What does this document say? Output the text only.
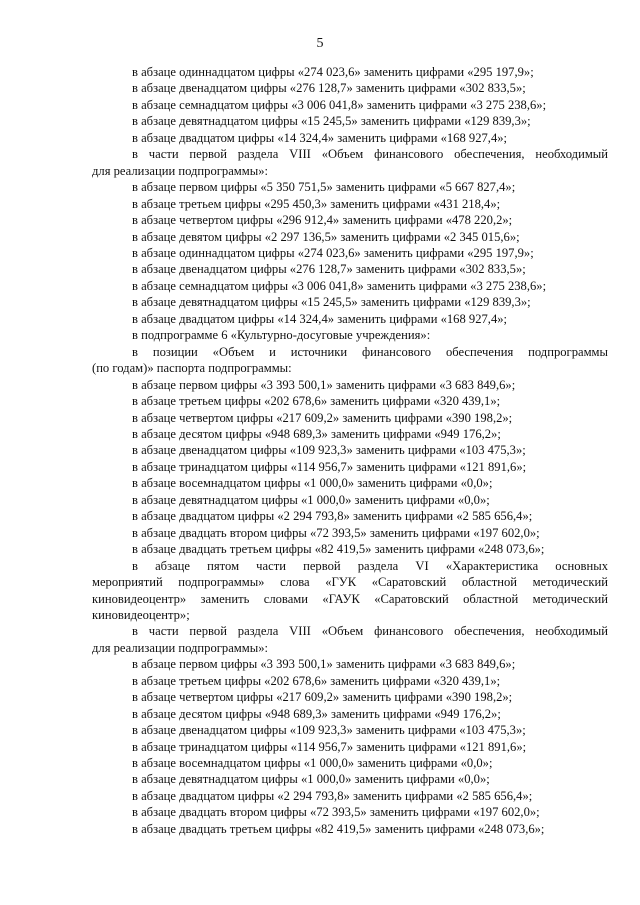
5
в абзаце одиннадцатом цифры «274 023,6» заменить цифрами «295 197,9»;
в абзаце двенадцатом цифры «276 128,7» заменить цифрами «302 833,5»;
в абзаце семнадцатом цифры «3 006 041,8» заменить цифрами «3 275 238,6»;
в абзаце девятнадцатом цифры «15 245,5» заменить цифрами «129 839,3»;
в абзаце двадцатом цифры «14 324,4» заменить цифрами «168 927,4»;
в части первой раздела VIII «Объем финансового обеспечения, необходимый
для реализации подпрограммы»:
в абзаце первом цифры «5 350 751,5» заменить цифрами «5 667 827,4»;
в абзаце третьем цифры «295 450,3» заменить цифрами «431 218,4»;
в абзаце четвертом цифры «296 912,4» заменить цифрами «478 220,2»;
в абзаце девятом цифры «2 297 136,5» заменить цифрами «2 345 015,6»;
в абзаце одиннадцатом цифры «274 023,6» заменить цифрами «295 197,9»;
в абзаце двенадцатом цифры «276 128,7» заменить цифрами «302 833,5»;
в абзаце семнадцатом цифры «3 006 041,8» заменить цифрами «3 275 238,6»;
в абзаце девятнадцатом цифры «15 245,5» заменить цифрами «129 839,3»;
в абзаце двадцатом цифры «14 324,4» заменить цифрами «168 927,4»;
в подпрограмме 6 «Культурно-досуговые учреждения»:
в позиции «Объем и источники финансового обеспечения подпрограммы
(по годам)» паспорта подпрограммы:
в абзаце первом цифры «3 393 500,1» заменить цифрами «3 683 849,6»;
в абзаце третьем цифры «202 678,6» заменить цифрами «320 439,1»;
в абзаце четвертом цифры «217 609,2» заменить цифрами «390 198,2»;
в абзаце десятом цифры «948 689,3» заменить цифрами «949 176,2»;
в абзаце двенадцатом цифры «109 923,3» заменить цифрами «103 475,3»;
в абзаце тринадцатом цифры «114 956,7» заменить цифрами «121 891,6»;
в абзаце восемнадцатом цифры «1 000,0» заменить цифрами «0,0»;
в абзаце девятнадцатом цифры «1 000,0» заменить цифрами «0,0»;
в абзаце двадцатом цифры «2 294 793,8» заменить цифрами «2 585 656,4»;
в абзаце двадцать втором цифры «72 393,5» заменить цифрами «197 602,0»;
в абзаце двадцать третьем цифры «82 419,5» заменить цифрами «248 073,6»;
в абзаце пятом части первой раздела VI «Характеристика основных
мероприятий подпрограммы» слова «ГУК «Саратовский областной методический
киновидеоцентр» заменить словами «ГАУК «Саратовский областной методический
киновидеоцентр»;
в части первой раздела VIII «Объем финансового обеспечения, необходимый
для реализации подпрограммы»:
в абзаце первом цифры «3 393 500,1» заменить цифрами «3 683 849,6»;
в абзаце третьем цифры «202 678,6» заменить цифрами «320 439,1»;
в абзаце четвертом цифры «217 609,2» заменить цифрами «390 198,2»;
в абзаце десятом цифры «948 689,3» заменить цифрами «949 176,2»;
в абзаце двенадцатом цифры «109 923,3» заменить цифрами «103 475,3»;
в абзаце тринадцатом цифры «114 956,7» заменить цифрами «121 891,6»;
в абзаце восемнадцатом цифры «1 000,0» заменить цифрами «0,0»;
в абзаце девятнадцатом цифры «1 000,0» заменить цифрами «0,0»;
в абзаце двадцатом цифры «2 294 793,8» заменить цифрами «2 585 656,4»;
в абзаце двадцать втором цифры «72 393,5» заменить цифрами «197 602,0»;
в абзаце двадцать третьем цифры «82 419,5» заменить цифрами «248 073,6»;
